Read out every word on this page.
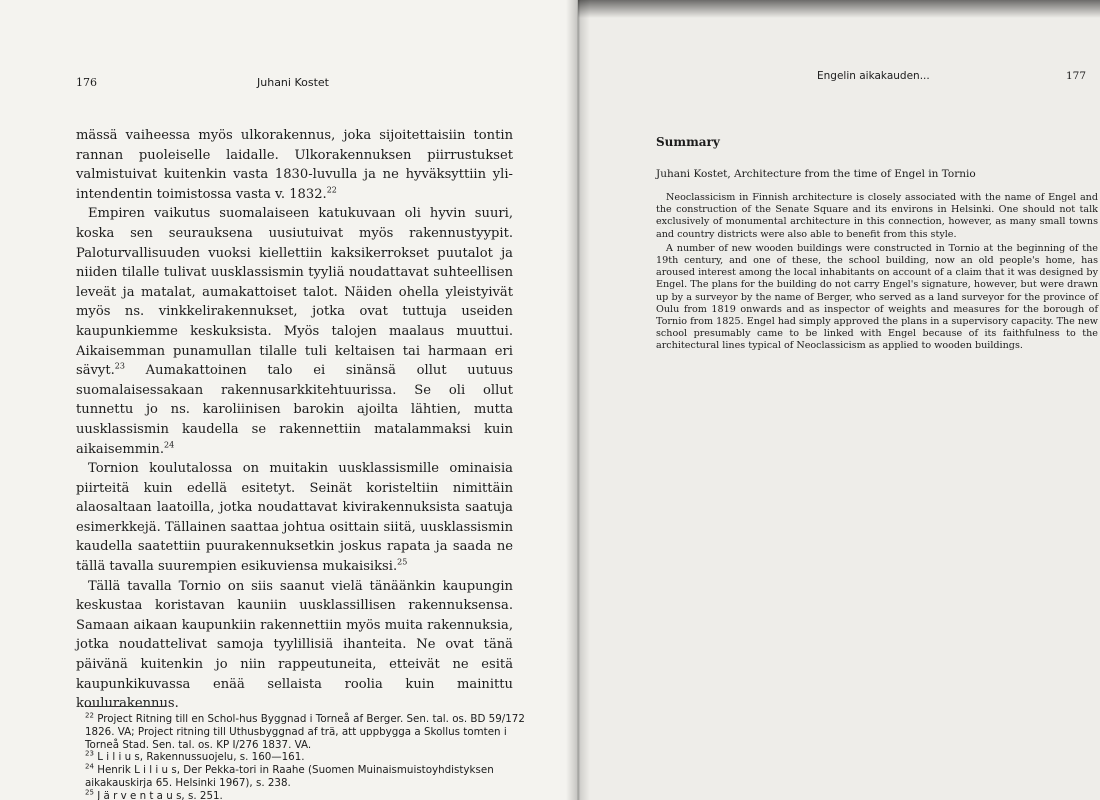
176	Juhani Kostet

mässä vaiheessa myös ulkorakennus, joka sijoitettaisiin tontin rannan puoleiselle laidalle. Ulkorakennuksen piirrustukset valmistuivat kuitenkin vasta 1830-luvulla ja ne hyväksyttiin yli-intendentin toimistossa vasta v. 1832.22

Empiren vaikutus suomalaiseen katukuvaan oli hyvin suuri, koska sen seurauksena uusiutuivat myös rakennustyypit. Paloturvallisuuden vuoksi kiellettiin kaksikerrokset puutalot ja niiden tilalle tulivat uusklassismin tyyliä noudattavat suhteellisen leveät ja matalat, aumakattoiset talot. Näiden ohella yleistyivät myös ns. vinkkelirakennukset, jotka ovat tuttuja useiden kaupunkiemme keskuksista. Myös talojen maalaus muuttui. Aikaisemman punamullan tilalle tuli keltaisen tai harmaan eri sävyt.$^{23}$ Aumakattoinen talo ei sinänsä ollut uutuus suomalaisessakaan rakennusarkkitehtuurissa. Se oli ollut tunnettu jo ns. karoliinisen barokin ajoilta lähtien, mutta uusklassismin kaudella se rakennettiin matalammaksi kuin aikaisemmin.$^{24}$

Tornion koulutalossa on muitakin uusklassismille ominaisia piirteitä kuin edellä esitetyt. Seinät koristeltiin nimittäin alaosaltaan laatoilla, jotka noudattavat kivirakennuksista saatuja esimerkkejä. Tällainen saattaa johtua osittain siitä, uusklassismin kaudella saatettiin puurakennuksetkin joskus rapata ja saada ne tällä tavalla suurempien esikuviensa mukaisiksi.$^{25}$

Tällä tavalla Tornio on siis saanut vielä tänäänkin kaupungin keskustaa koristavan kauniin uusklassillisen rakennuksensa. Samaan aikaan kaupunkiin rakennettiin myös muita rakennuksia, jotka noudattelivat samoja tyylillisiä ihanteita. Ne ovat tänä päivänä kuitenkin jo niin rappeutuneita, etteivät ne esitä kaupunkikuvassa enää sellaista roolia kuin mainittu koulurakennus.

$^{22}$ Project Ritning till en Schol-hus Byggnad i Torneå af Berger. Sen. tal. os. BD 59/172 1826. VA; Project ritning till Uthusbyggnad af trä, att uppbygga a Skollus tomten i Torneå Stad. Sen. tal. os. KP I/276 1837. VA.

$^{23}$ L i l i u s, Rakennussuojelu, s. 160—161.

$^{24}$ Henrik L i l i u s, Der Pekka-tori in Raahe (Suomen Muinaismuistoyhdistyksen aikakauskirja 65. Helsinki 1967), s. 238.

$^{25}$ J ä r v e n t a u s, s. 251.

Engelin aikakauden...	177
Summary
Juhani Kostet, Architecture from the time of Engel in Tornio

Neoclassicism in Finnish architecture is closely associated with the name of Engel and the construction of the Senate Square and its environs in Helsinki. One should not talk exclusively of monumental architecture in this connection, however, as many small towns and country districts were also able to benefit from this style.

A number of new wooden buildings were constructed in Tornio at the beginning of the 19th century, and one of these, the school building, now an old people's home, has aroused interest among the local inhabitants on account of a claim that it was designed by Engel. The plans for the building do not carry Engel's signature, however, but were drawn up by a surveyor by the name of Berger, who served as a land surveyor for the province of Oulu from 1819 onwards and as inspector of weights and measures for the borough of Tornio from 1825. Engel had simply approved the plans in a supervisory capacity. The new school presumably came to be linked with Engel because of its faithfulness to the architectural lines typical of Neoclassicism as applied to wooden buildings.
